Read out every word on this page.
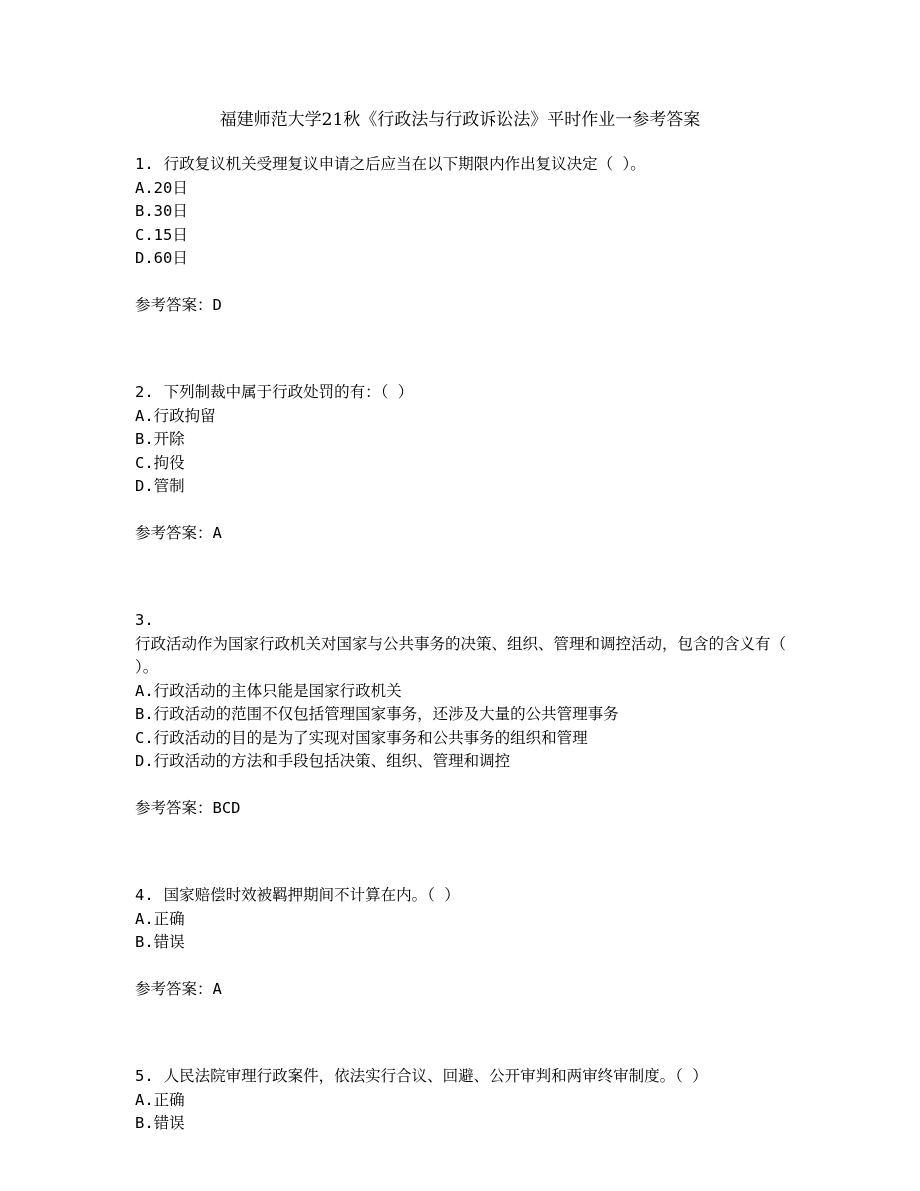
福建师范大学21秋《行政法与行政诉讼法》平时作业一参考答案
1. 行政复议机关受理复议申请之后应当在以下期限内作出复议决定（ ）。
A.20日
B.30日
C.15日
D.60日
参考答案：D
2. 下列制裁中属于行政处罚的有：（ ）
A.行政拘留
B.开除
C.拘役
D.管制
参考答案：A
3.
行政活动作为国家行政机关对国家与公共事务的决策、组织、管理和调控活动，包含的含义有（ ）。
A.行政活动的主体只能是国家行政机关
B.行政活动的范围不仅包括管理国家事务，还涉及大量的公共管理事务
C.行政活动的目的是为了实现对国家事务和公共事务的组织和管理
D.行政活动的方法和手段包括决策、组织、管理和调控
参考答案：BCD
4. 国家赔偿时效被羁押期间不计算在内。（ ）
A.正确
B.错误
参考答案：A
5. 人民法院审理行政案件，依法实行合议、回避、公开审判和两审终审制度。（ ）
A.正确
B.错误
